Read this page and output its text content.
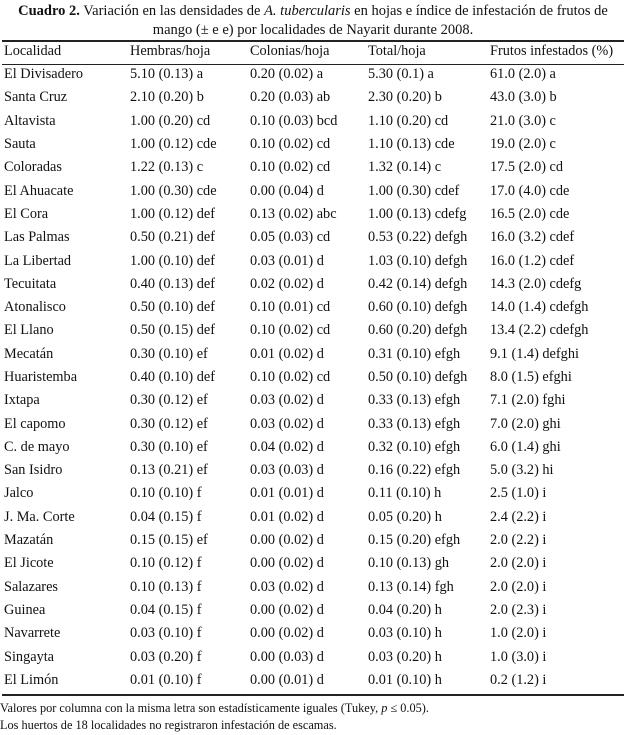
Cuadro 2. Variación en las densidades de A. tubercularis en hojas e índice de infestación de frutos de
mango (± e e) por localidades de Nayarit durante 2008.
Localidad	Hembras/hoja	Colonias/hoja	Total/hoja	Frutos infestados (%)
El Divisadero	5.10 (0.13) a	0.20 (0.02) a	5.30 (0.1) a	61.0 (2.0) a
Santa Cruz	2.10 (0.20) b	0.20 (0.03) ab	2.30 (0.20) b	43.0 (3.0) b
Altavista	1.00 (0.20) cd	0.10 (0.03) bcd	1.10 (0.20) cd	21.0 (3.0) c
Sauta	1.00 (0.12) cde	0.10 (0.02) cd	1.10 (0.13) cde	19.0 (2.0) c
Coloradas	1.22 (0.13) c	0.10 (0.02) cd	1.32 (0.14) c	17.5 (2.0) cd
El Ahuacate	1.00 (0.30) cde	0.00 (0.04) d	1.00 (0.30) cdef	17.0 (4.0) cde
El Cora	1.00 (0.12) def	0.13 (0.02) abc	1.00 (0.13) cdefg	16.5 (2.0) cde
Las Palmas	0.50 (0.21) def	0.05 (0.03) cd	0.53 (0.22) defgh	16.0 (3.2) cdef
La Libertad	1.00 (0.10) def	0.03 (0.01) d	1.03 (0.10) defgh	16.0 (1.2) cdef
Tecuitata	0.40 (0.13) def	0.02 (0.02) d	0.42 (0.14) defgh	14.3 (2.0) cdefg
Atonalisco	0.50 (0.10) def	0.10 (0.01) cd	0.60 (0.10) defgh	14.0 (1.4) cdefgh
El Llano	0.50 (0.15) def	0.10 (0.02) cd	0.60 (0.20) defgh	13.4 (2.2) cdefgh
Mecatán	0.30 (0.10) ef	0.01 (0.02) d	0.31 (0.10) efgh	9.1 (1.4) defghi
Huaristemba	0.40 (0.10) def	0.10 (0.02) cd	0.50 (0.10) defgh	8.0 (1.5) efghi
Ixtapa	0.30 (0.12) ef	0.03 (0.02) d	0.33 (0.13) efgh	7.1 (2.0) fghi
El capomo	0.30 (0.12) ef	0.03 (0.02) d	0.33 (0.13) efgh	7.0 (2.0) ghi
C. de mayo	0.30 (0.10) ef	0.04 (0.02) d	0.32 (0.10) efgh	6.0 (1.4) ghi
San Isidro	0.13 (0.21) ef	0.03 (0.03) d	0.16 (0.22) efgh	5.0 (3.2) hi
Jalco	0.10 (0.10) f	0.01 (0.01) d	0.11 (0.10) h	2.5 (1.0) i
J. Ma. Corte	0.04 (0.15) f	0.01 (0.02) d	0.05 (0.20) h	2.4 (2.2) i
Mazatán	0.15 (0.15) ef	0.00 (0.02) d	0.15 (0.20) efgh	2.0 (2.2) i
El Jicote	0.10 (0.12) f	0.00 (0.02) d	0.10 (0.13) gh	2.0 (2.0) i
Salazares	0.10 (0.13) f	0.03 (0.02) d	0.13 (0.14) fgh	2.0 (2.0) i
Guinea	0.04 (0.15) f	0.00 (0.02) d	0.04 (0.20) h	2.0 (2.3) i
Navarrete	0.03 (0.10) f	0.00 (0.02) d	0.03 (0.10) h	1.0 (2.0) i
Singayta	0.03 (0.20) f	0.00 (0.03) d	0.03 (0.20) h	1.0 (3.0) i
El Limón	0.01 (0.10) f	0.00 (0.01) d	0.01 (0.10) h	0.2 (1.2) i
Valores por columna con la misma letra son estadísticamente iguales (Tukey, p ≤ 0.05).
Los huertos de 18 localidades no registraron infestación de escamas.
